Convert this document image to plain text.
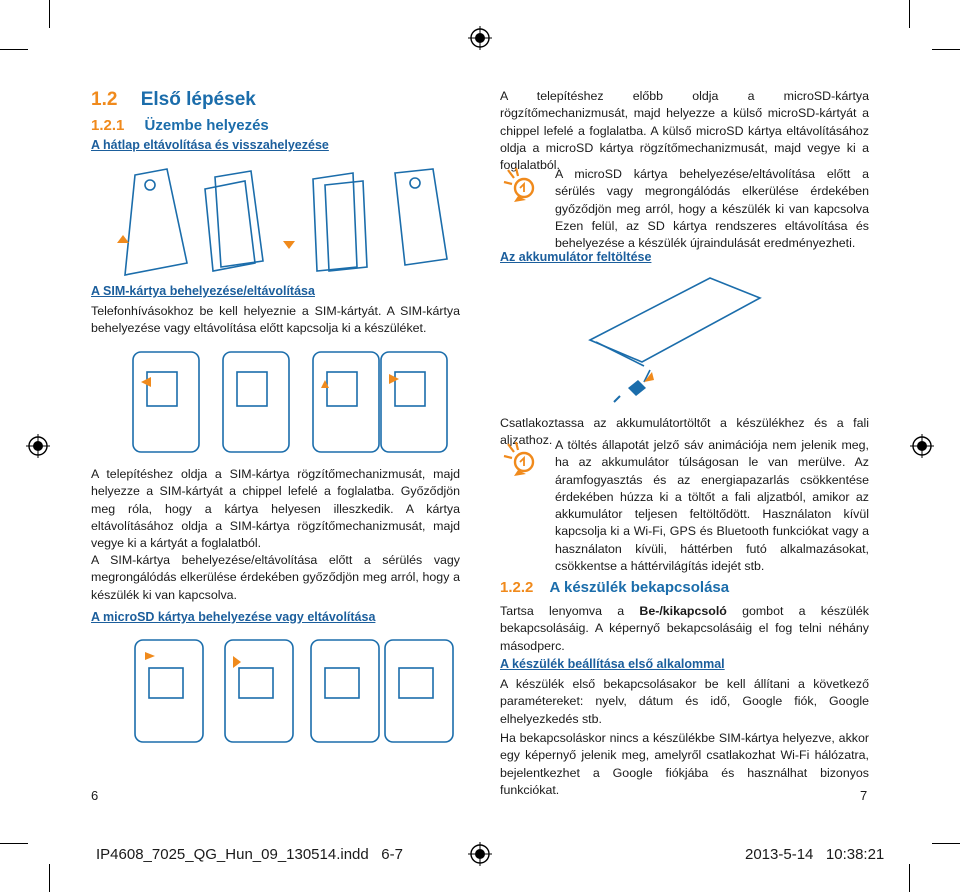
1.2 Első lépések
1.2.1 Üzembe helyezés
A hátlap eltávolítása és visszahelyezése
A SIM-kártya behelyezése/eltávolítása
Telefonhívásokhoz be kell helyeznie a SIM-kártyát. A SIM-kártya behelyezése vagy eltávolítása előtt kapcsolja ki a készüléket.
A telepítéshez oldja a SIM-kártya rögzítőmechanizmusát, majd helyezze a SIM-kártyát a chippel lefelé a foglalatba. Győződjön meg róla, hogy a kártya helyesen illeszkedik. A kártya eltávolításához oldja a SIM-kártya rögzítőmechanizmusát, majd vegye ki a kártyát a foglalatból.
A SIM-kártya behelyezése/eltávolítása előtt a sérülés vagy megrongálódás elkerülése érdekében győződjön meg arról, hogy a készülék ki van kapcsolva.
A microSD kártya behelyezése vagy eltávolítása
6
A telepítéshez előbb oldja a microSD-kártya rögzítőmechanizmusát, majd helyezze a külső microSD-kártyát a chippel lefelé a foglalatba. A külső microSD kártya eltávolításához oldja a microSD kártya rögzítőmechanizmusát, majd vegye ki a foglalatból.
A microSD kártya behelyezése/eltávolítása előtt a sérülés vagy megrongálódás elkerülése érdekében győződjön meg arról, hogy a készülék ki van kapcsolva Ezen felül, az SD kártya rendszeres eltávolítása és behelyezése a készülék újraindulását eredményezheti.
Az akkumulátor feltöltése
Csatlakoztassa az akkumulátortöltőt a készülékhez és a fali aljzathoz. A töltés állapotát jelző sáv animációja nem jelenik meg, ha az akkumulátor túlságosan le van merülve. Az áramfogyasztás és az energiapazarlás csökkentése érdekében húzza ki a töltőt a fali aljzatból, amikor az akkumulátor teljesen feltöltődött. Használaton kívül kapcsolja ki a Wi-Fi, GPS és Bluetooth funkciókat vagy a használaton kívüli, háttérben futó alkalmazásokat, csökkentse a háttérvilágítás idejét stb.
1.2.2 A készülék bekapcsolása
Tartsa lenyomva a Be-/kikapcsoló gombot a készülék bekapcsolásáig. A képernyő bekapcsolásáig el fog telni néhány másodperc.
A készülék beállítása első alkalommal
A készülék első bekapcsolásakor be kell állítani a következő paramétereket: nyelv, dátum és idő, Google fiók, Google elhelyezkedés stb.
Ha bekapcsoláskor nincs a készülékbe SIM-kártya helyezve, akkor egy képernyő jelenik meg, amelyről csatlakozhat Wi-Fi hálózatra, bejelentkezhet a Google fiókjába és használhat bizonyos funkciókat.	7
IP4608_7025_QG_Hun_09_130514.indd   6-7	2013-5-14   10:38:21
